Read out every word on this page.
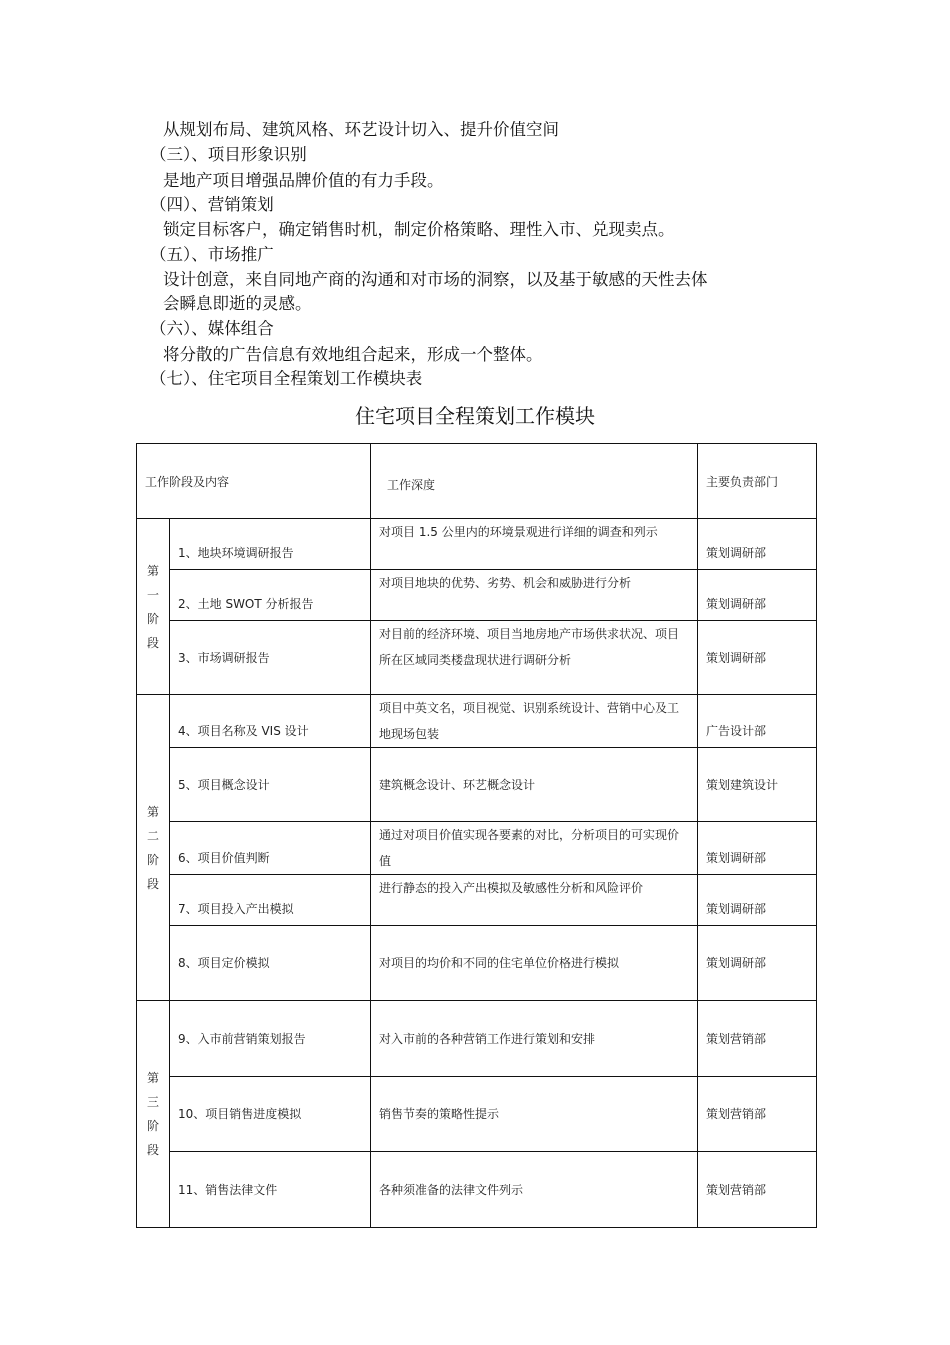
从规划布局、建筑风格、环艺设计切入、提升价值空间
（三）、项目形象识别
是地产项目增强品牌价值的有力手段。
（四）、营销策划
锁定目标客户，确定销售时机，制定价格策略、理性入市、兑现卖点。
（五）、市场推广
设计创意，来自同地产商的沟通和对市场的洞察，以及基于敏感的天性去体
会瞬息即逝的灵感。
（六）、媒体组合
将分散的广告信息有效地组合起来，形成一个整体。
（七）、住宅项目全程策划工作模块表
住宅项目全程策划工作模块
工作阶段及内容		工作深度	主要负责部门

第一阶段	1、地块环境调研报告	对项目 1.5 公里内的环境景观进行详细的调查和列示	策划调研部

	2、土地 SWOT 分析报告	对项目地块的优势、劣势、机会和威胁进行分析	策划调研部

	3、市场调研报告	对目前的经济环境、项目当地房地产市场供求状况、项目所在区域同类楼盘现状进行调研分析	策划调研部

第二阶段	4、项目名称及 VIS 设计	项目中英文名，项目视觉、识别系统设计、营销中心及工地现场包装	广告设计部

	5、项目概念设计	建筑概念设计、环艺概念设计	策划建筑设计

	6、项目价值判断	通过对项目价值实现各要素的对比，分析项目的可实现价值	策划调研部

	7、项目投入产出模拟	进行静态的投入产出模拟及敏感性分析和风险评价	策划调研部

	8、项目定价模拟	对项目的均价和不同的住宅单位价格进行模拟	策划调研部

第三阶段	9、入市前营销策划报告	对入市前的各种营销工作进行策划和安排	策划营销部

	10、项目销售进度模拟	销售节奏的策略性提示	策划营销部

	11、销售法律文件	各种须准备的法律文件列示	策划营销部
